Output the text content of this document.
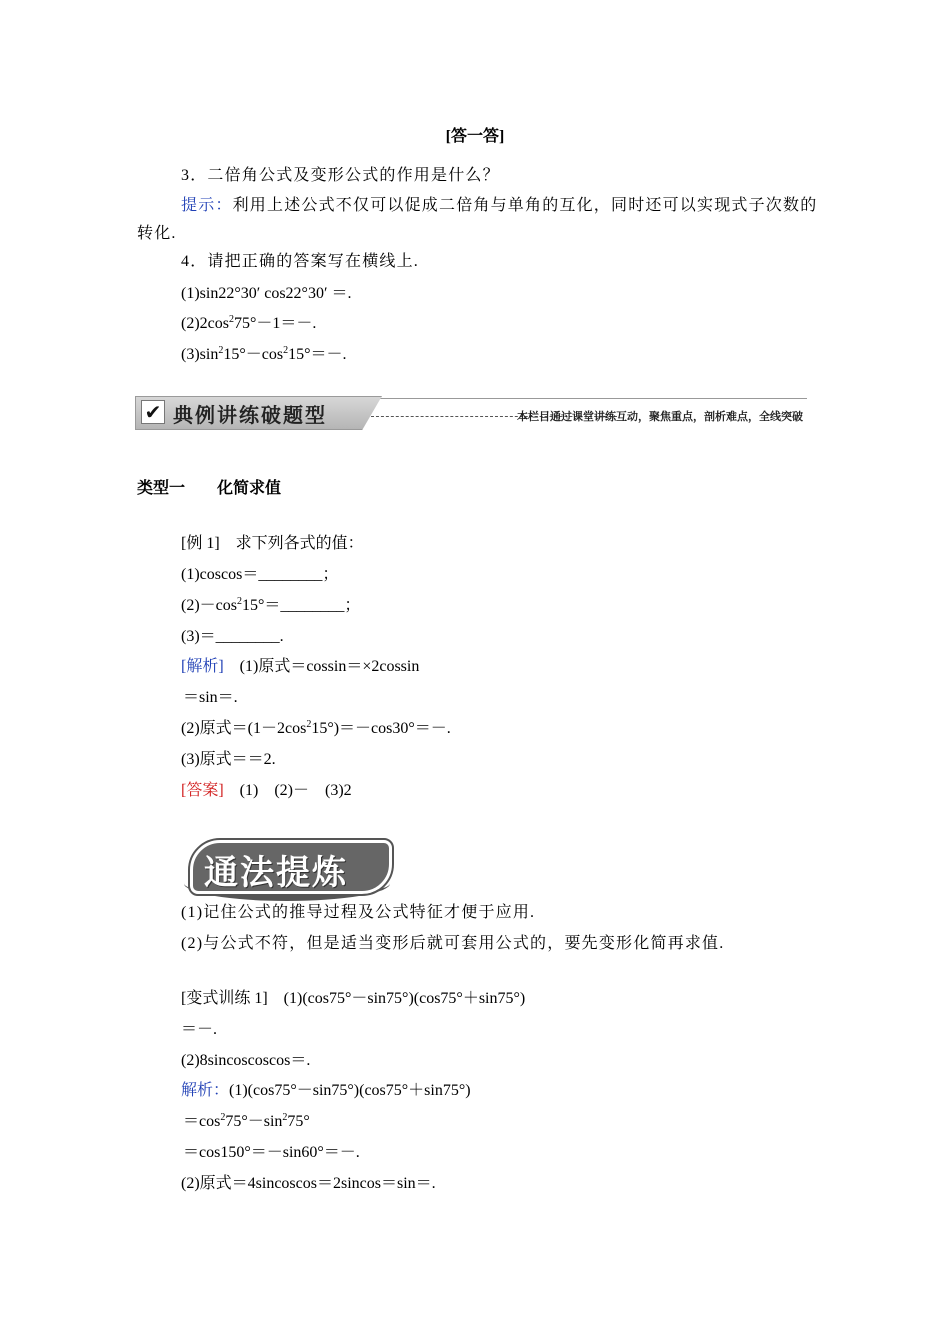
[答一答]
3．二倍角公式及变形公式的作用是什么？
提示：利用上述公式不仅可以促成二倍角与单角的互化，同时还可以实现式子次数的
转化.
4．请把正确的答案写在横线上.
(1)sin22°30′ cos22°30′ ＝.
$(2)2\cos^275^\circ-1=-$.
$(3)\sin^215^\circ-\cos^215^\circ=-$.
✔ 典例讲练破题型	本栏目通过课堂讲练互动，聚焦重点，剖析难点，全线突破
类型一　　化简求值
[例 1]　求下列各式的值：
(1)coscos＝________；
$(2)-\cos^215^\circ=\_\_\_\_\_\_\_\_$；
(3)＝________.
[解析]　(1)原式＝cossin＝×2cossin
＝sin＝.
(2)原式$=(1-2\cos^215^\circ)=-\cos 30^\circ=-$.
(3)原式＝＝2.
[答案]　(1)　(2)－　(3)2
通法提炼
(1)记住公式的推导过程及公式特征才便于应用.
(2)与公式不符，但是适当变形后就可套用公式的，要先变形化简再求值.
[变式训练 1]　(1)(cos75°－sin75°)(cos75°＋sin75°)
＝－.
(2)8sincoscoscos＝.
解析：(1)(cos75°－sin75°)(cos75°＋sin75°)
$=\cos^275^\circ-\sin^275^\circ$
＝cos150°＝－sin60°＝－.
(2)原式＝4sincoscos＝2sincos＝sin＝.
